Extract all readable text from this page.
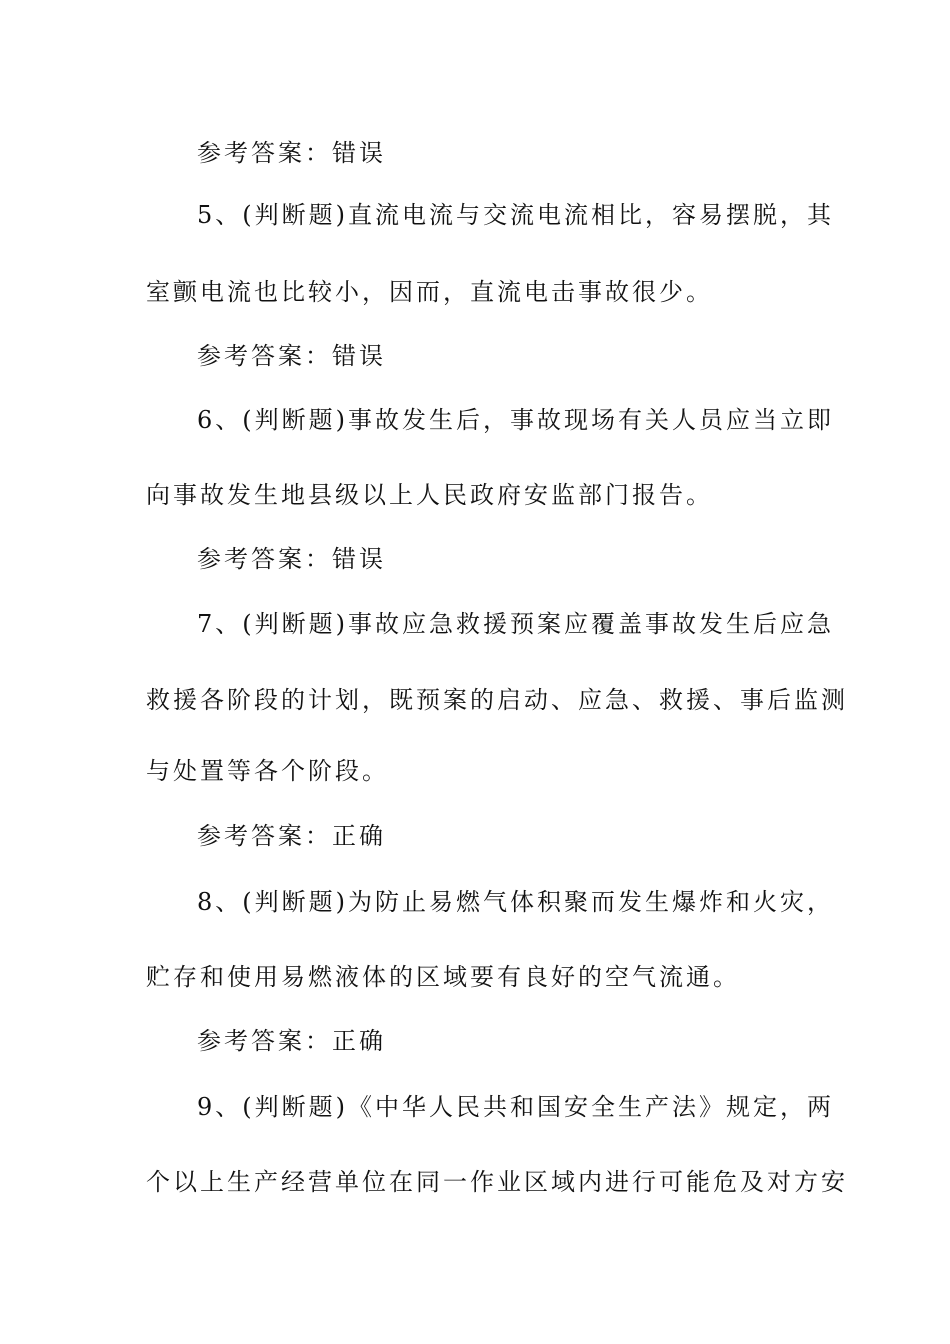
参考答案：错误
5、(判断题)直流电流与交流电流相比，容易摆脱，其
室颤电流也比较小，因而，直流电击事故很少。
参考答案：错误
6、(判断题)事故发生后，事故现场有关人员应当立即
向事故发生地县级以上人民政府安监部门报告。
参考答案：错误
7、(判断题)事故应急救援预案应覆盖事故发生后应急
救援各阶段的计划，既预案的启动、应急、救援、事后监测
与处置等各个阶段。
参考答案：正确
8、(判断题)为防止易燃气体积聚而发生爆炸和火灾，
贮存和使用易燃液体的区域要有良好的空气流通。
参考答案：正确
9、(判断题)《中华人民共和国安全生产法》规定，两
个以上生产经营单位在同一作业区域内进行可能危及对方安
